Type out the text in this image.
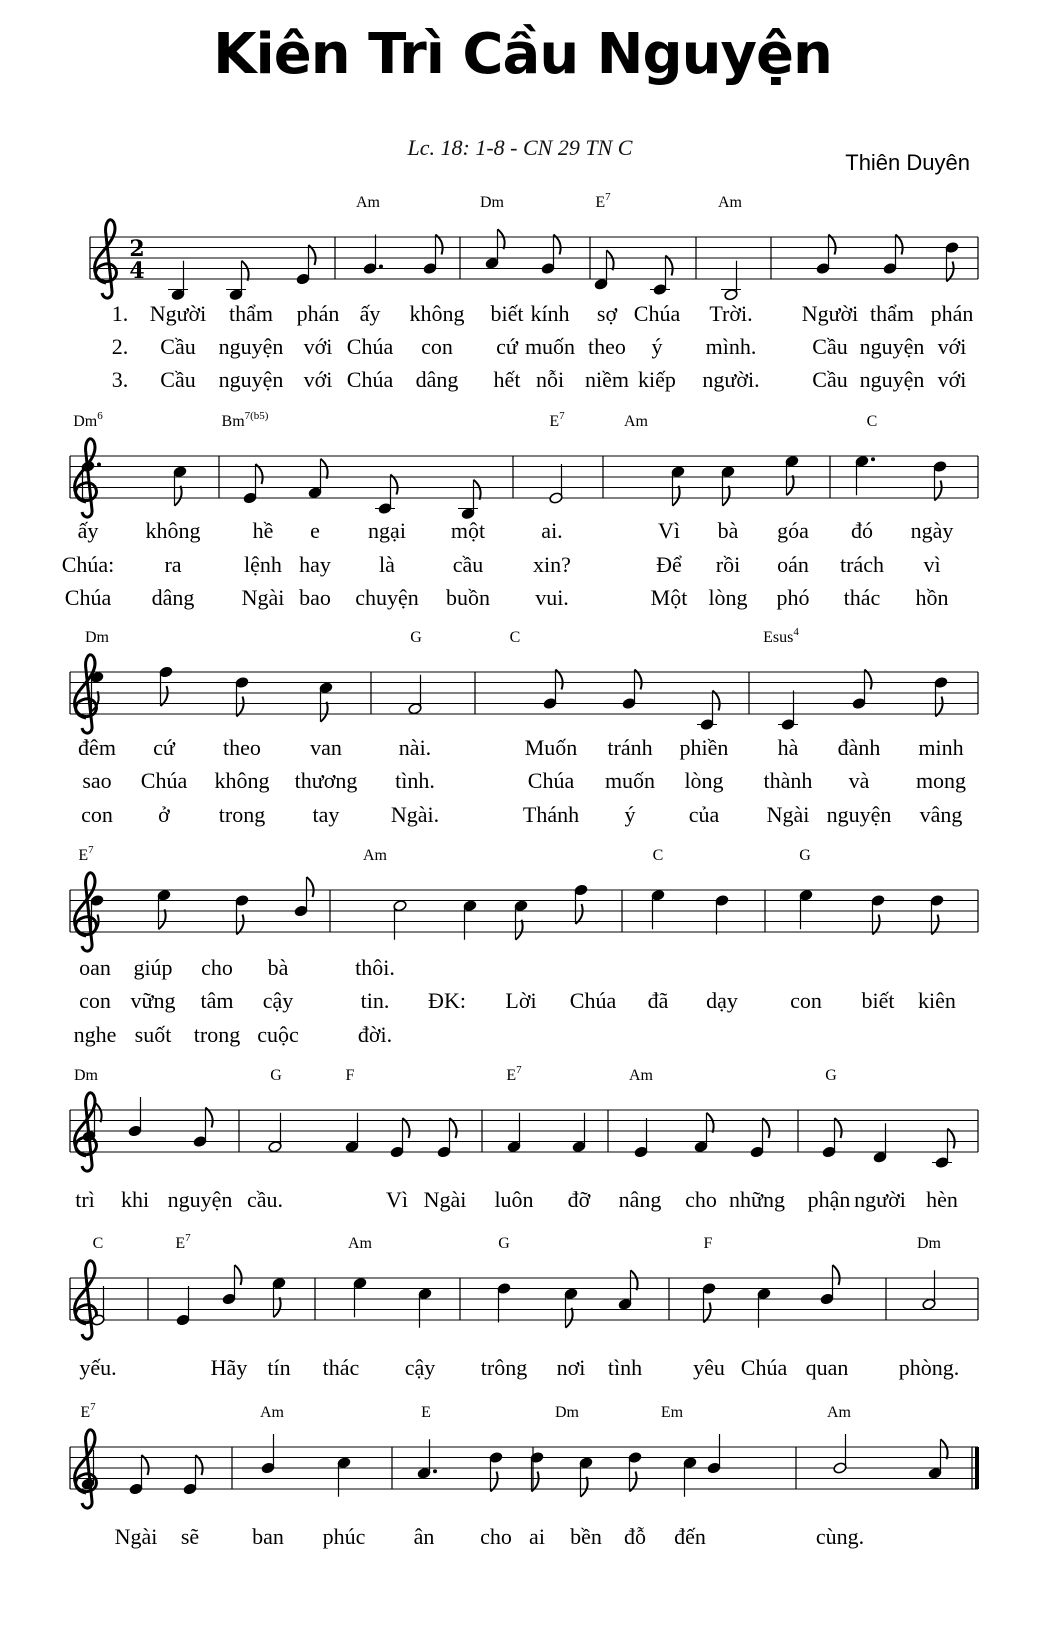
Kiên Trì Cầu Nguyện
Lc. 18: 1-8 - CN 29 TN C
Thiên Duyên
2
4
Am	Dm	$E^7$	Am
Dm$^6$	$Bm^{7(b5)}$	$E^7$	Am	C
Dm	G	C	Esus$^4$
$E^7$	Am	C	G
Dm	G	F	$E^7$	Am	G
C	$E^7$	Am	G	F	Dm
$E^7$	Am	E	Dm	Em	Am
1. Người thẩm phán ấy không biết kính sợ Chúa Trời. Người thẩm phán
2. Cầu nguyện với Chúa con cứ muốn theo ý mình.	Cầu nguyện với
3. Cầu nguyện với Chúa dâng hết nỗi niềm kiếp người. Cầu nguyện với
ấy không hề e ngại một	ai.	Vì bà góa đó ngày
Chúa: ra	lệnh hay là	cầu xin?	Để rồi oán trách vì
Chúa dâng Ngài bao chuyện buồn vui.	Một lòng phó thác hồn
đêm cứ theo van	nài.	Muốn tránh phiền hà đành minh
sao Chúa không thương tình.	Chúa muốn lòng thành và mong
con ở trong tay Ngài.	Thánh ý của Ngài nguyện vâng
oan giúp cho bà	thôi.
con vững tâm cậy	tin. ĐK: Lời Chúa đã dạy con biết kiên
nghe suốt trong cuộc	đời.
trì khi nguyện cầu.	Vì Ngài luôn đỡ nâng cho những phận người hèn
yếu.	Hãy tín thác cậy trông nơi tình yêu Chúa quan phòng.
Ngài sẽ ban phúc ân cho ai bền đỗ đến	cùng.
